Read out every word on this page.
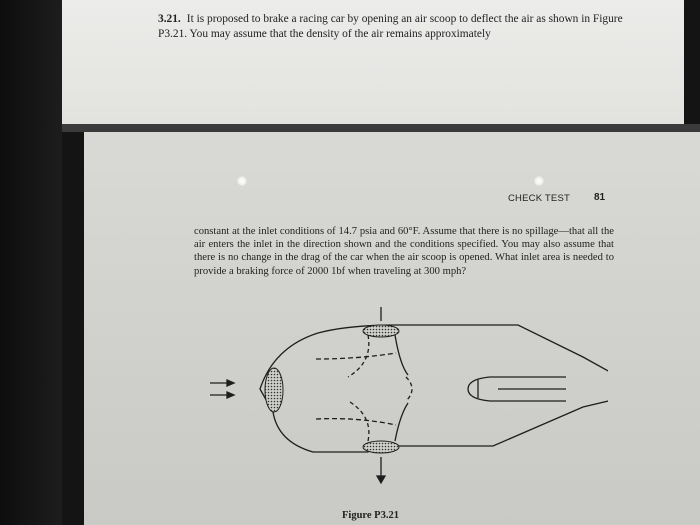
3.21. It is proposed to brake a racing car by opening an air scoop to deflect the air as shown in Figure P3.21. You may assume that the density of the air remains approximately
CHECK TEST 81
constant at the inlet conditions of 14.7 psia and 60°F. Assume that there is no spillage—that all the air enters the inlet in the direction shown and the conditions specified. You may also assume that there is no change in the drag of the car when the air scoop is opened. What inlet area is needed to provide a braking force of 2000 1bf when traveling at 300 mph?
Figure P3.21
